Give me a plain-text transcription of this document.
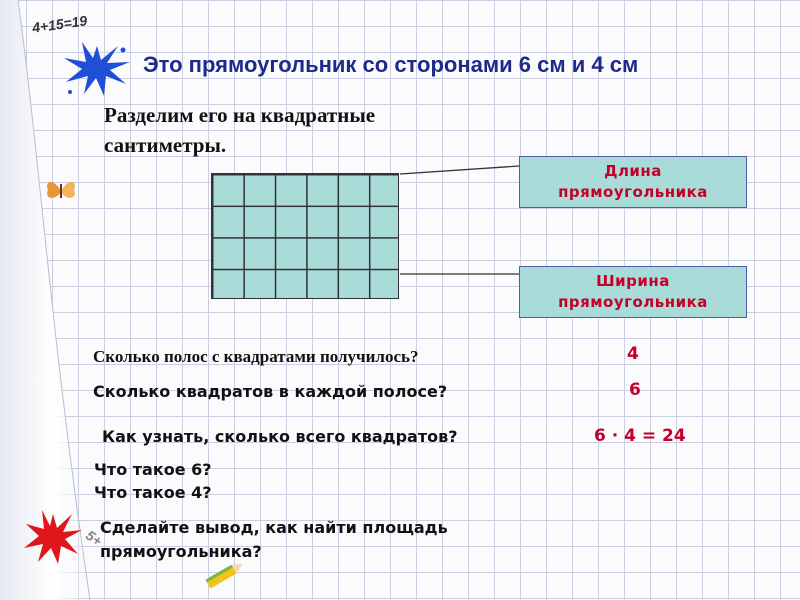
4+15=19
5+
Это прямоугольник со сторонами 6 см и 4 см
Разделим его на квадратные сантиметры.
Длина
прямоугольника
Ширина
прямоугольника
Сколько полос с квадратами получилось?	4
Сколько квадратов в каждой полосе?	6
Как узнать, сколько всего квадратов?	6 · 4 = 24
Что такое 6?
Что такое 4?
Сделайте вывод, как найти площадь прямоугольника?
